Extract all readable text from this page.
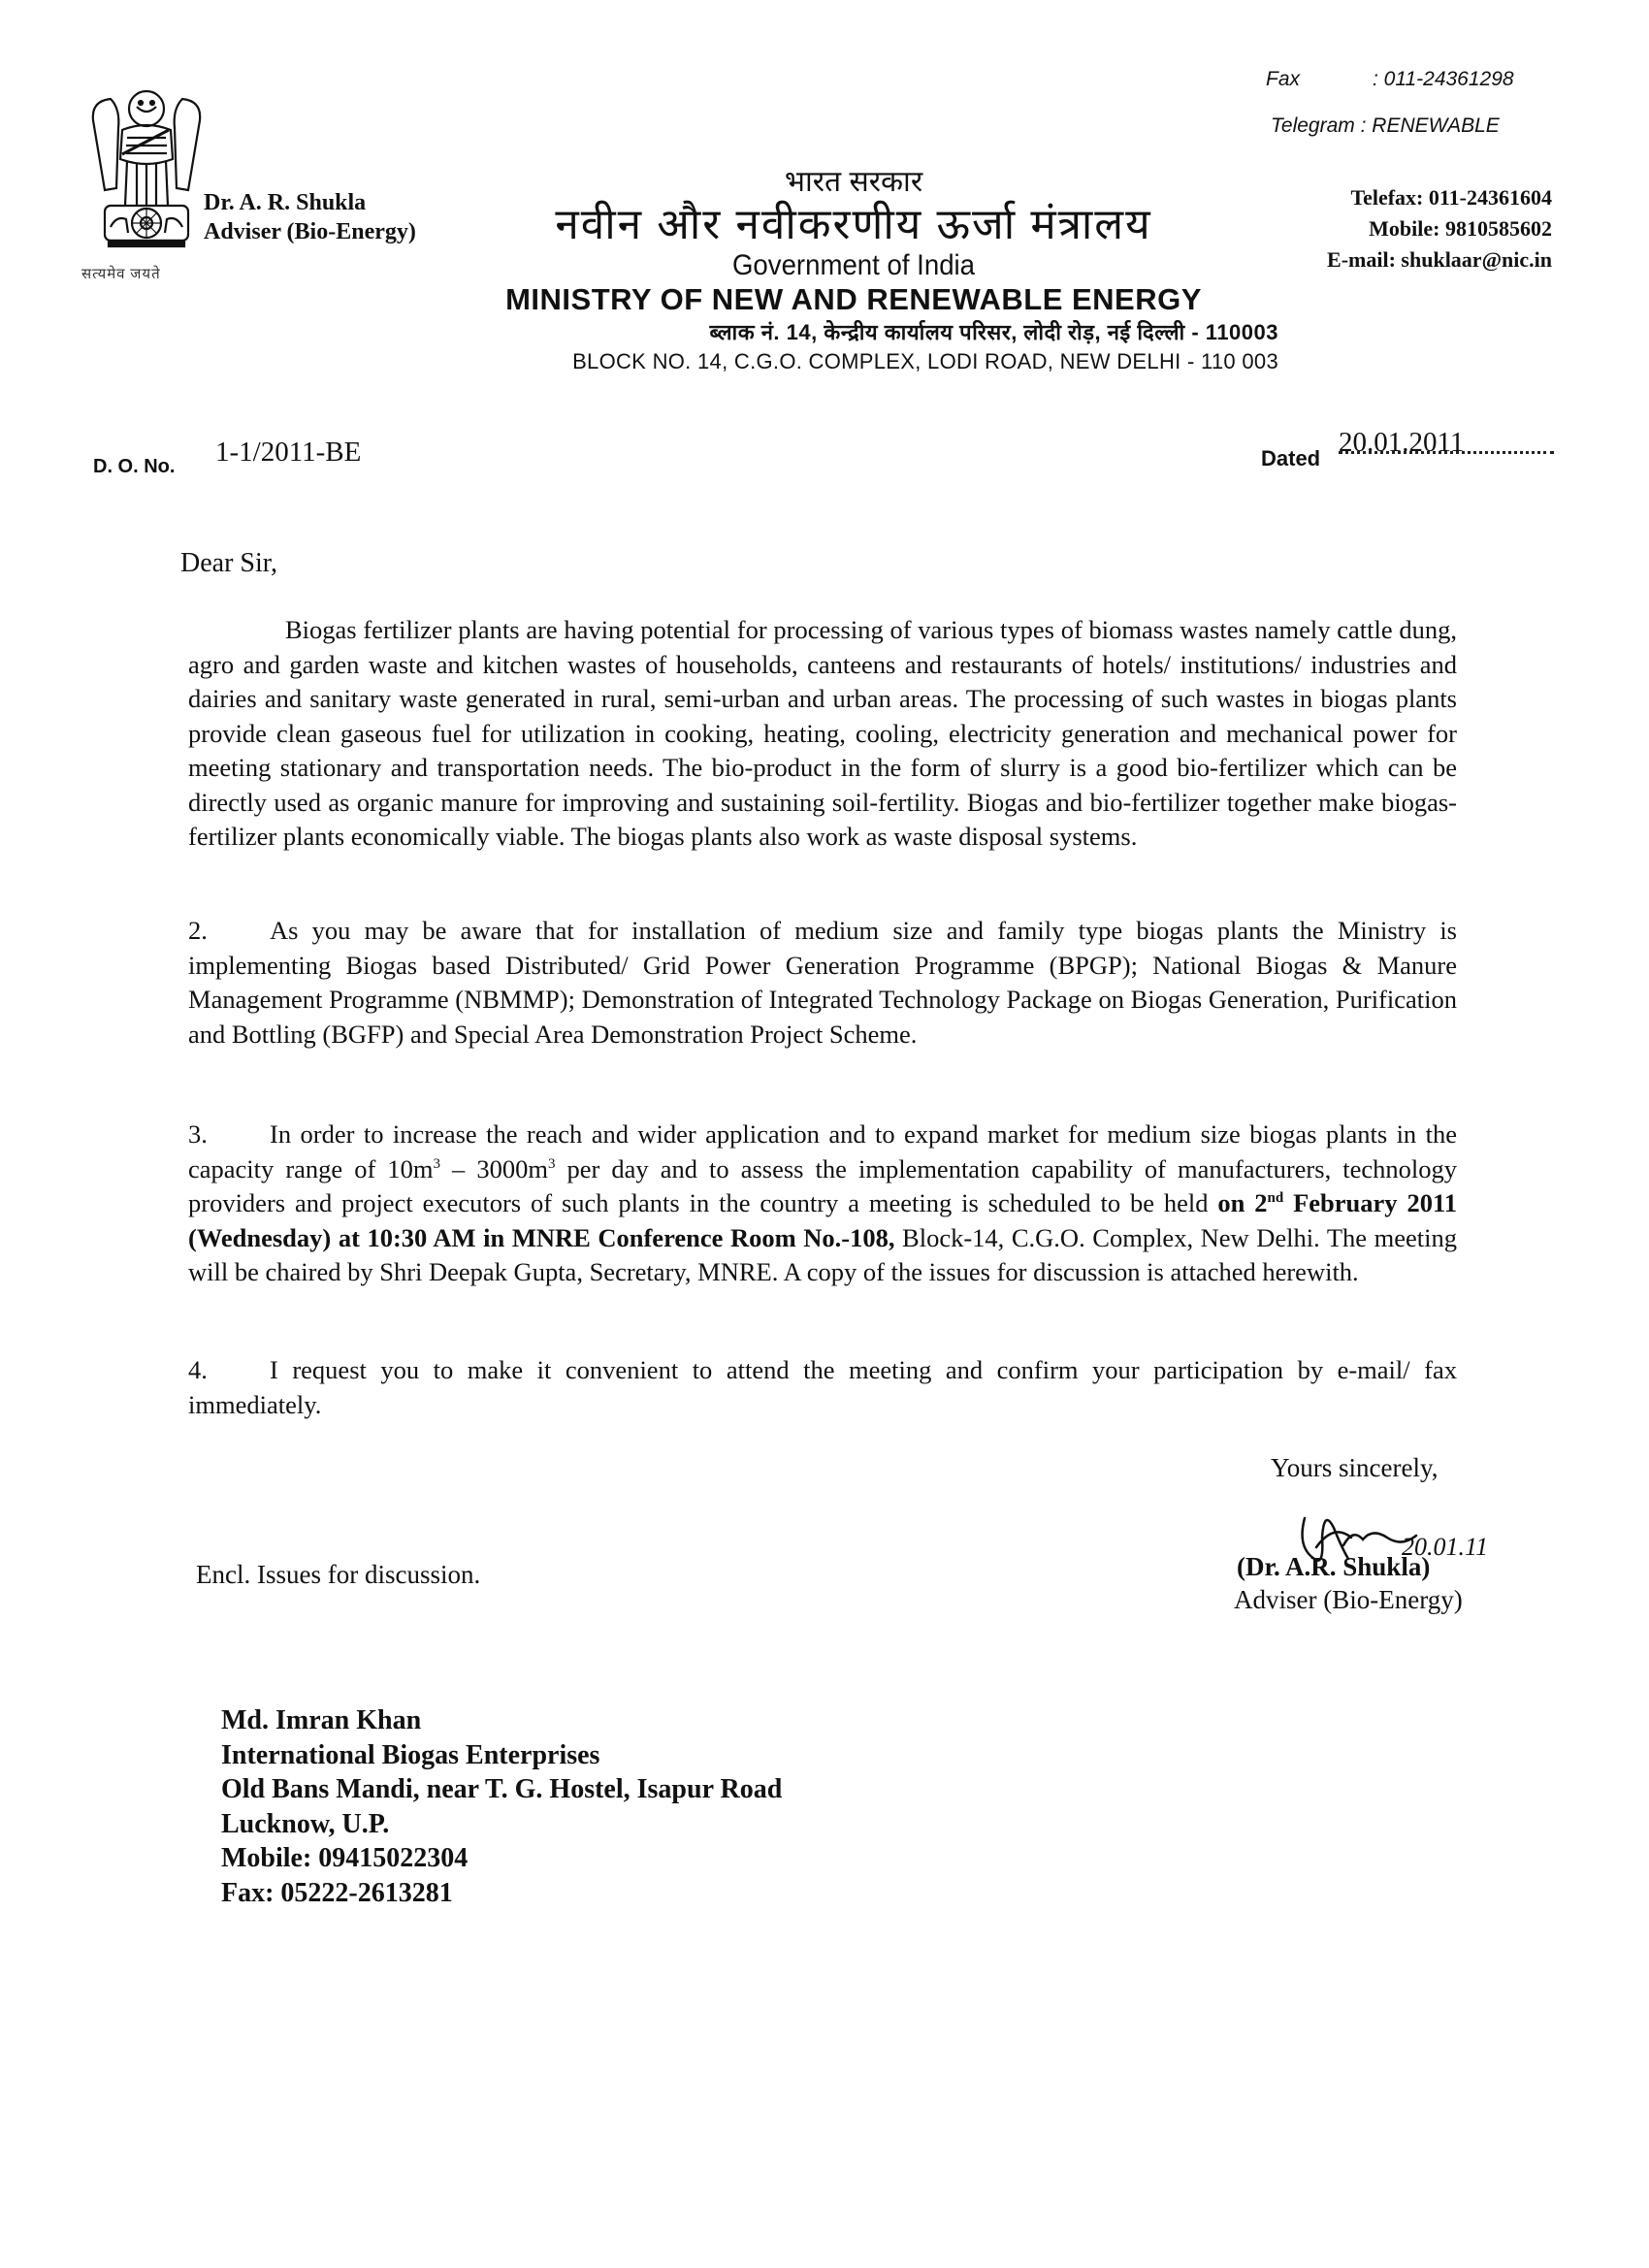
सत्यमेव जयते
Dr. A. R. Shukla
Adviser (Bio-Energy)
भारत सरकार
नवीन और नवीकरणीय ऊर्जा मंत्रालय
Government of India
MINISTRY OF NEW AND RENEWABLE ENERGY
ब्लाक नं. 14, केन्द्रीय कार्यालय परिसर, लोदी रोड़, नई दिल्ली - 110003
BLOCK NO. 14, C.G.O. COMPLEX, LODI ROAD, NEW DELHI - 110 003
Fax	: 011-24361298
Telegram : RENEWABLE
Telefax: 011-24361604
Mobile: 9810585602
E-mail: shuklaar@nic.in
D. O. No. 1-1/2011-BE	Dated
20.01.2011
Dear Sir,
Biogas fertilizer plants are having potential for processing of various types of biomass wastes namely cattle dung, agro and garden waste and kitchen wastes of households, canteens and restaurants of hotels/ institutions/ industries and dairies and sanitary waste generated in rural, semi-urban and urban areas. The processing of such wastes in biogas plants provide clean gaseous fuel for utilization in cooking, heating, cooling, electricity generation and mechanical power for meeting stationary and transportation needs. The bio-product in the form of slurry is a good bio-fertilizer which can be directly used as organic manure for improving and sustaining soil-fertility. Biogas and bio-fertilizer together make biogas-fertilizer plants economically viable. The biogas plants also work as waste disposal systems.
2. As you may be aware that for installation of medium size and family type biogas plants the Ministry is implementing Biogas based Distributed/ Grid Power Generation Programme (BPGP); National Biogas & Manure Management Programme (NBMMP); Demonstration of Integrated Technology Package on Biogas Generation, Purification and Bottling (BGFP) and Special Area Demonstration Project Scheme.
3. In order to increase the reach and wider application and to expand market for medium size biogas plants in the capacity range of $10m^3 - 3000m^3$ per day and to assess the implementation capability of manufacturers, technology providers and project executors of such plants in the country a meeting is scheduled to be held on 2nd February 2011 (Wednesday) at 10:30 AM in MNRE Conference Room No.-108, Block-14, C.G.O. Complex, New Delhi. The meeting will be chaired by Shri Deepak Gupta, Secretary, MNRE. A copy of the issues for discussion is attached herewith.
4. I request you to make it convenient to attend the meeting and confirm your participation by e-mail/ fax immediately.
Yours sincerely,
20.01.11
(Dr. A.R. Shukla)
Adviser (Bio-Energy)
Encl. Issues for discussion.
Md. Imran Khan
International Biogas Enterprises
Old Bans Mandi, near T. G. Hostel, Isapur Road
Lucknow, U.P.
Mobile: 09415022304
Fax: 05222-2613281
